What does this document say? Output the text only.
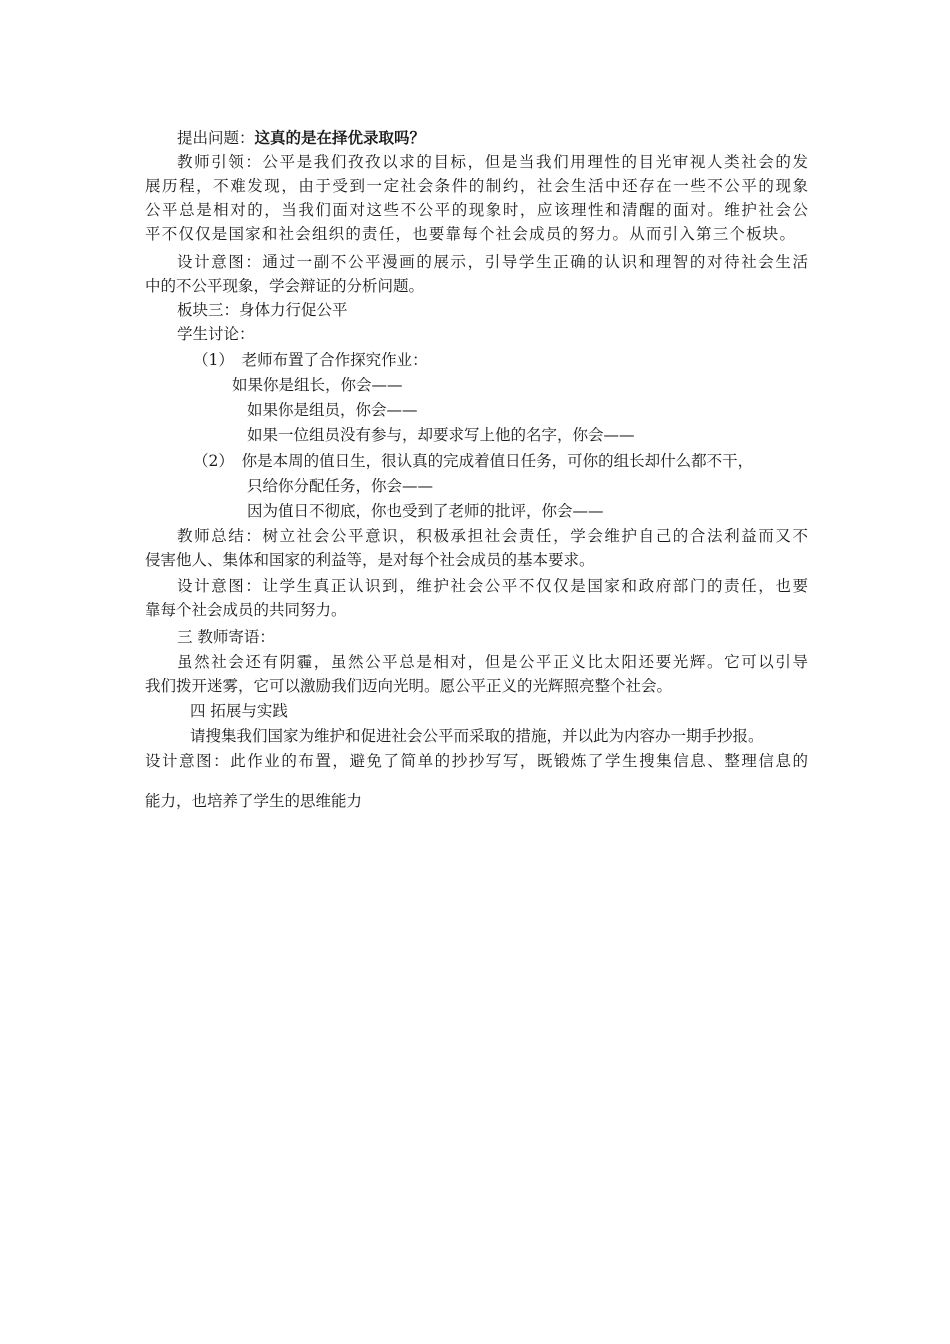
提出问题：这真的是在择优录取吗？
教师引领：公平是我们孜孜以求的目标，但是当我们用理性的目光审视人类社会的发
展历程，不难发现，由于受到一定社会条件的制约，社会生活中还存在一些不公平的现象
公平总是相对的，当我们面对这些不公平的现象时，应该理性和清醒的面对。维护社会公
平不仅仅是国家和社会组织的责任，也要靠每个社会成员的努力。从而引入第三个板块。
设计意图：通过一副不公平漫画的展示，引导学生正确的认识和理智的对待社会生活
中的不公平现象，学会辩证的分析问题。
板块三：身体力行促公平
学生讨论：
（1）　老师布置了合作探究作业：
如果你是组长，你会——
如果你是组员，你会——
如果一位组员没有参与，却要求写上他的名字，你会——
（2）　你是本周的值日生，很认真的完成着值日任务，可你的组长却什么都不干，
只给你分配任务，你会——
因为值日不彻底，你也受到了老师的批评，你会——
教师总结：树立社会公平意识，积极承担社会责任，学会维护自己的合法利益而又不
侵害他人、集体和国家的利益等，是对每个社会成员的基本要求。
设计意图：让学生真正认识到，维护社会公平不仅仅是国家和政府部门的责任，也要
靠每个社会成员的共同努力。
三 教师寄语：
虽然社会还有阴霾，虽然公平总是相对，但是公平正义比太阳还要光辉。它可以引导
我们拨开迷雾，它可以激励我们迈向光明。愿公平正义的光辉照亮整个社会。
四 拓展与实践
请搜集我们国家为维护和促进社会公平而采取的措施，并以此为内容办一期手抄报。
设计意图：此作业的布置，避免了简单的抄抄写写，既锻炼了学生搜集信息、整理信息的
能力，也培养了学生的思维能力
